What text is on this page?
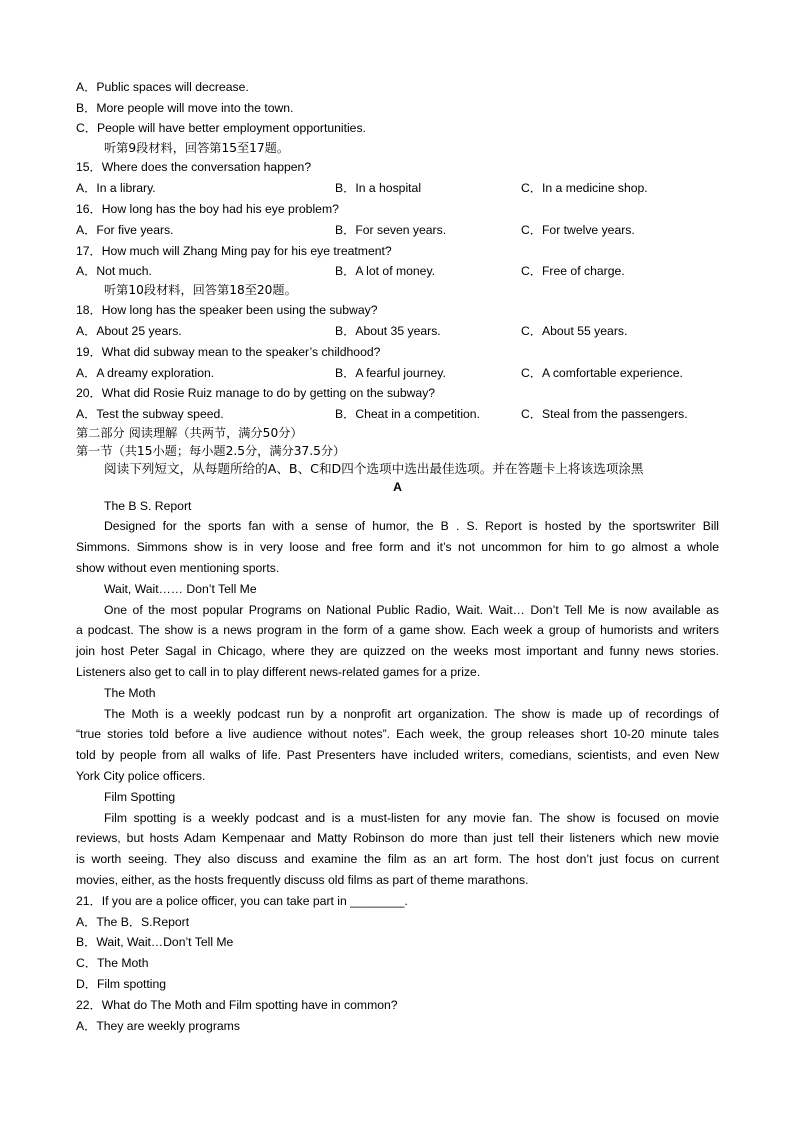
A．Public spaces will decrease.
B．More people will move into the town.
C．People will have better employment opportunities.
听第9段材料，回答第15至17题。
15．Where does the conversation happen?
A．In a library.	B．In a hospital	C．In a medicine shop.
16．How long has the boy had his eye problem?
A．For five years.	B．For seven years.	C．For twelve years.
17．How much will Zhang Ming pay for his eye treatment?
A．Not much.	B．A lot of money.	C．Free of charge.
听第10段材料，回答第18至20题。
18．How long has the speaker been using the subway?
A．About 25 years.	B．About 35 years.	C．About 55 years.
19．What did subway mean to the speaker’s childhood?
A．A dreamy exploration.	B．A fearful journey.	C．A comfortable experience.
20．What did Rosie Ruiz manage to do by getting on the subway?
A．Test the subway speed.	B．Cheat in a competition.	C．Steal from the passengers.
第二部分 阅读理解（共两节，满分50分）
第一节（共15小题；每小题2.5分，满分37.5分）
阅读下列短文，从每题所给的A、B、C和D四个选项中选出最佳选项。并在答题卡上将该选项涂黑
A
The B S. Report
Designed for the sports fan with a sense of humor, the B . S. Report is hosted by the sportswriter Bill
Simmons. Simmons show is in very loose and free form and it’s not uncommon for him to go almost a whole
show without even mentioning sports.
Wait, Wait…… Don’t Tell Me
One of the most popular Programs on National Public Radio, Wait. Wait… Don’t Tell Me is now available as
a podcast. The show is a news program in the form of a game show. Each week a group of humorists and writers
join host Peter Sagal in Chicago, where they are quizzed on the weeks most important and funny news stories.
Listeners also get to call in to play different news-related games for a prize.
The Moth
The Moth is a weekly podcast run by a nonprofit art organization. The show is made up of recordings of
“true stories told before a live audience without notes”. Each week, the group releases short 10-20 minute tales
told by people from all walks of life. Past Presenters have included writers, comedians, scientists, and even New
York City police officers.
Film Spotting
Film spotting is a weekly podcast and is a must-listen for any movie fan. The show is focused on movie
reviews, but hosts Adam Kempenaar and Matty Robinson do more than just tell their listeners which new movie
is worth seeing. They also discuss and examine the film as an art form. The host don’t just focus on current
movies, either, as the hosts frequently discuss old films as part of theme marathons.
21．If you are a police officer, you can take part in ________.
A．The B．S.Report
B．Wait, Wait…Don’t Tell Me
C．The Moth
D．Film spotting
22．What do The Moth and Film spotting have in common?
A．They are weekly programs
